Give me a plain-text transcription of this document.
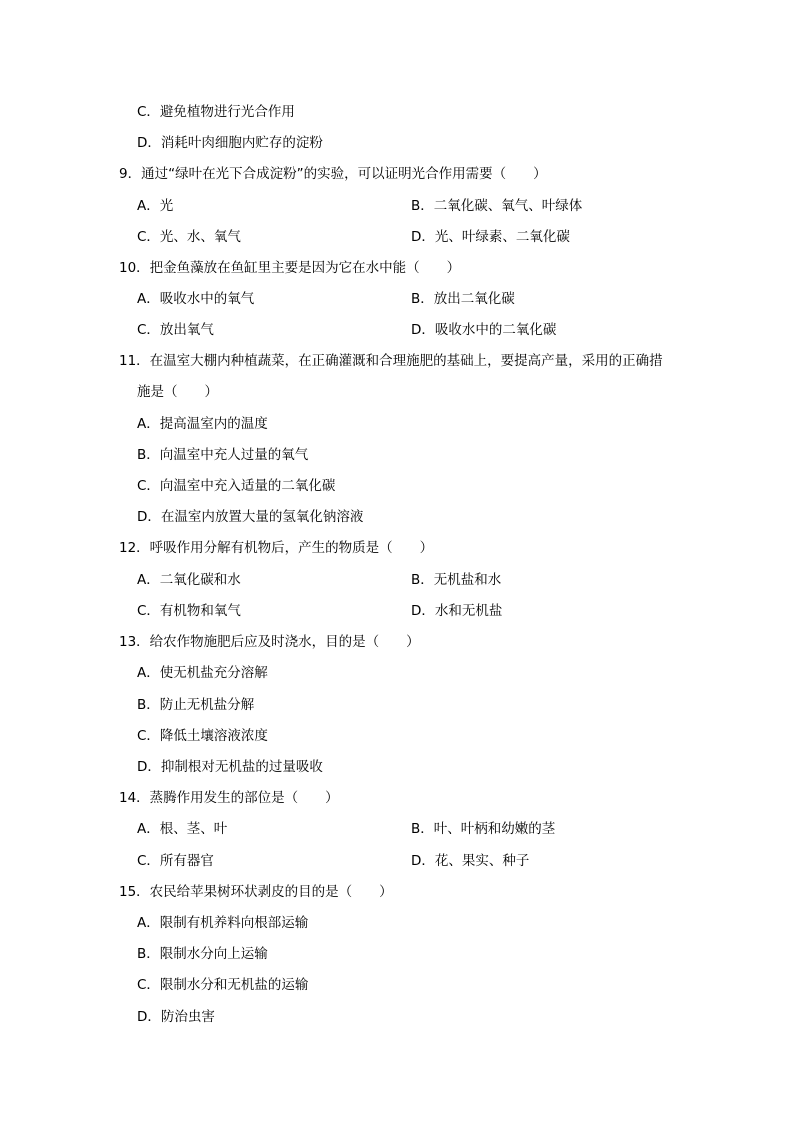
C．避免植物进行光合作用
D．消耗叶肉细胞内贮存的淀粉
9．通过“绿叶在光下合成淀粉”的实验，可以证明光合作用需要（　　）
A．光	B．二氧化碳、氧气、叶绿体
C．光、水、氧气	D．光、叶绿素、二氧化碳
10．把金鱼藻放在鱼缸里主要是因为它在水中能（　　）
A．吸收水中的氧气	B．放出二氧化碳
C．放出氧气	D．吸收水中的二氧化碳
11．在温室大棚内种植蔬菜，在正确灌溉和合理施肥的基础上，要提高产量，采用的正确措
施是（　　）
A．提高温室内的温度
B．向温室中充人过量的氧气
C．向温室中充入适量的二氧化碳
D．在温室内放置大量的氢氧化钠溶液
12．呼吸作用分解有机物后，产生的物质是（　　）
A．二氧化碳和水	B．无机盐和水
C．有机物和氧气	D．水和无机盐
13．给农作物施肥后应及时浇水，目的是（　　）
A．使无机盐充分溶解
B．防止无机盐分解
C．降低土壤溶液浓度
D．抑制根对无机盐的过量吸收
14．蒸腾作用发生的部位是（　　）
A．根、茎、叶	B．叶、叶柄和幼嫩的茎
C．所有器官	D．花、果实、种子
15．农民给苹果树环状剥皮的目的是（　　）
A．限制有机养料向根部运输
B．限制水分向上运输
C．限制水分和无机盐的运输
D．防治虫害
